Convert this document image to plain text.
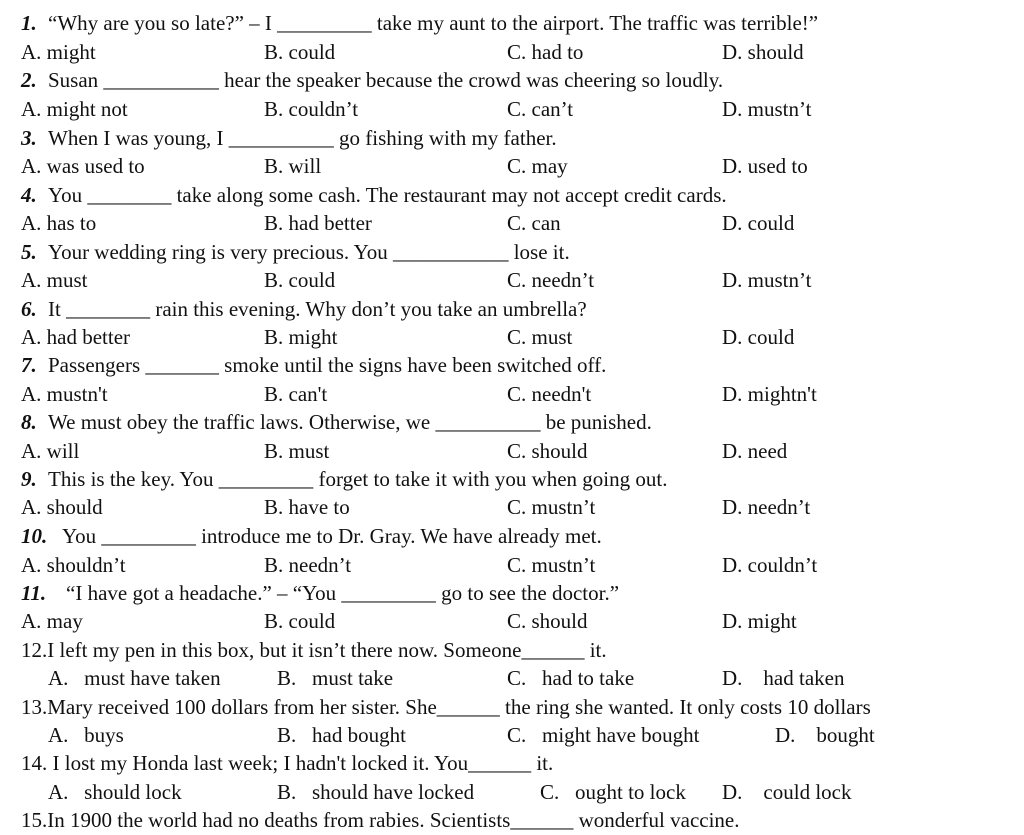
1. “Why are you so late?” – I _________ take my aunt to the airport. The traffic was terrible!”
A. might	B. could	C. had to	D. should
2. Susan ___________ hear the speaker because the crowd was cheering so loudly.
A. might not	B. couldn’t	C. can’t	D. mustn’t
3. When I was young, I __________ go fishing with my father.
A. was used to	B. will	C. may	D. used to
4. You ________ take along some cash. The restaurant may not accept credit cards.
A. has to	B. had better	C. can	D. could
5. Your wedding ring is very precious. You ___________ lose it.
A. must	B. could	C. needn’t	D. mustn’t
6. It ________ rain this evening. Why don’t you take an umbrella?
A. had better	B. might	C. must	D. could
7. Passengers _______ smoke until the signs have been switched off.
A. mustn't	B. can't	C. needn't	D. mightn't
8. We must obey the traffic laws. Otherwise, we __________ be punished.
A. will	B. must	C. should	D. need
9. This is the key. You _________ forget to take it with you when going out.
A. should	B. have to	C. mustn’t	D. needn’t
10. You _________ introduce me to Dr. Gray. We have already met.
A. shouldn’t	B. needn’t	C. mustn’t	D. couldn’t
11. “I have got a headache.” – “You _________ go to see the doctor.”
A. may	B. could	C. should	D. might
12.I left my pen in this box, but it isn’t there now. Someone______ it.
A.   must have taken	B.   must take	C.   had to take	D.    had taken
13.Mary received 100 dollars from her sister. She______ the ring she wanted. It only costs 10 dollars
A.   buys	B.   had bought	C.   might have bought	D.    bought
14. I lost my Honda last week; I hadn't locked it. You______ it.
A.   should lock	B.   should have locked	C.   ought to lock D.    could lock
15.In 1900 the world had no deaths from rabies. Scientists______ wonderful vaccine.
